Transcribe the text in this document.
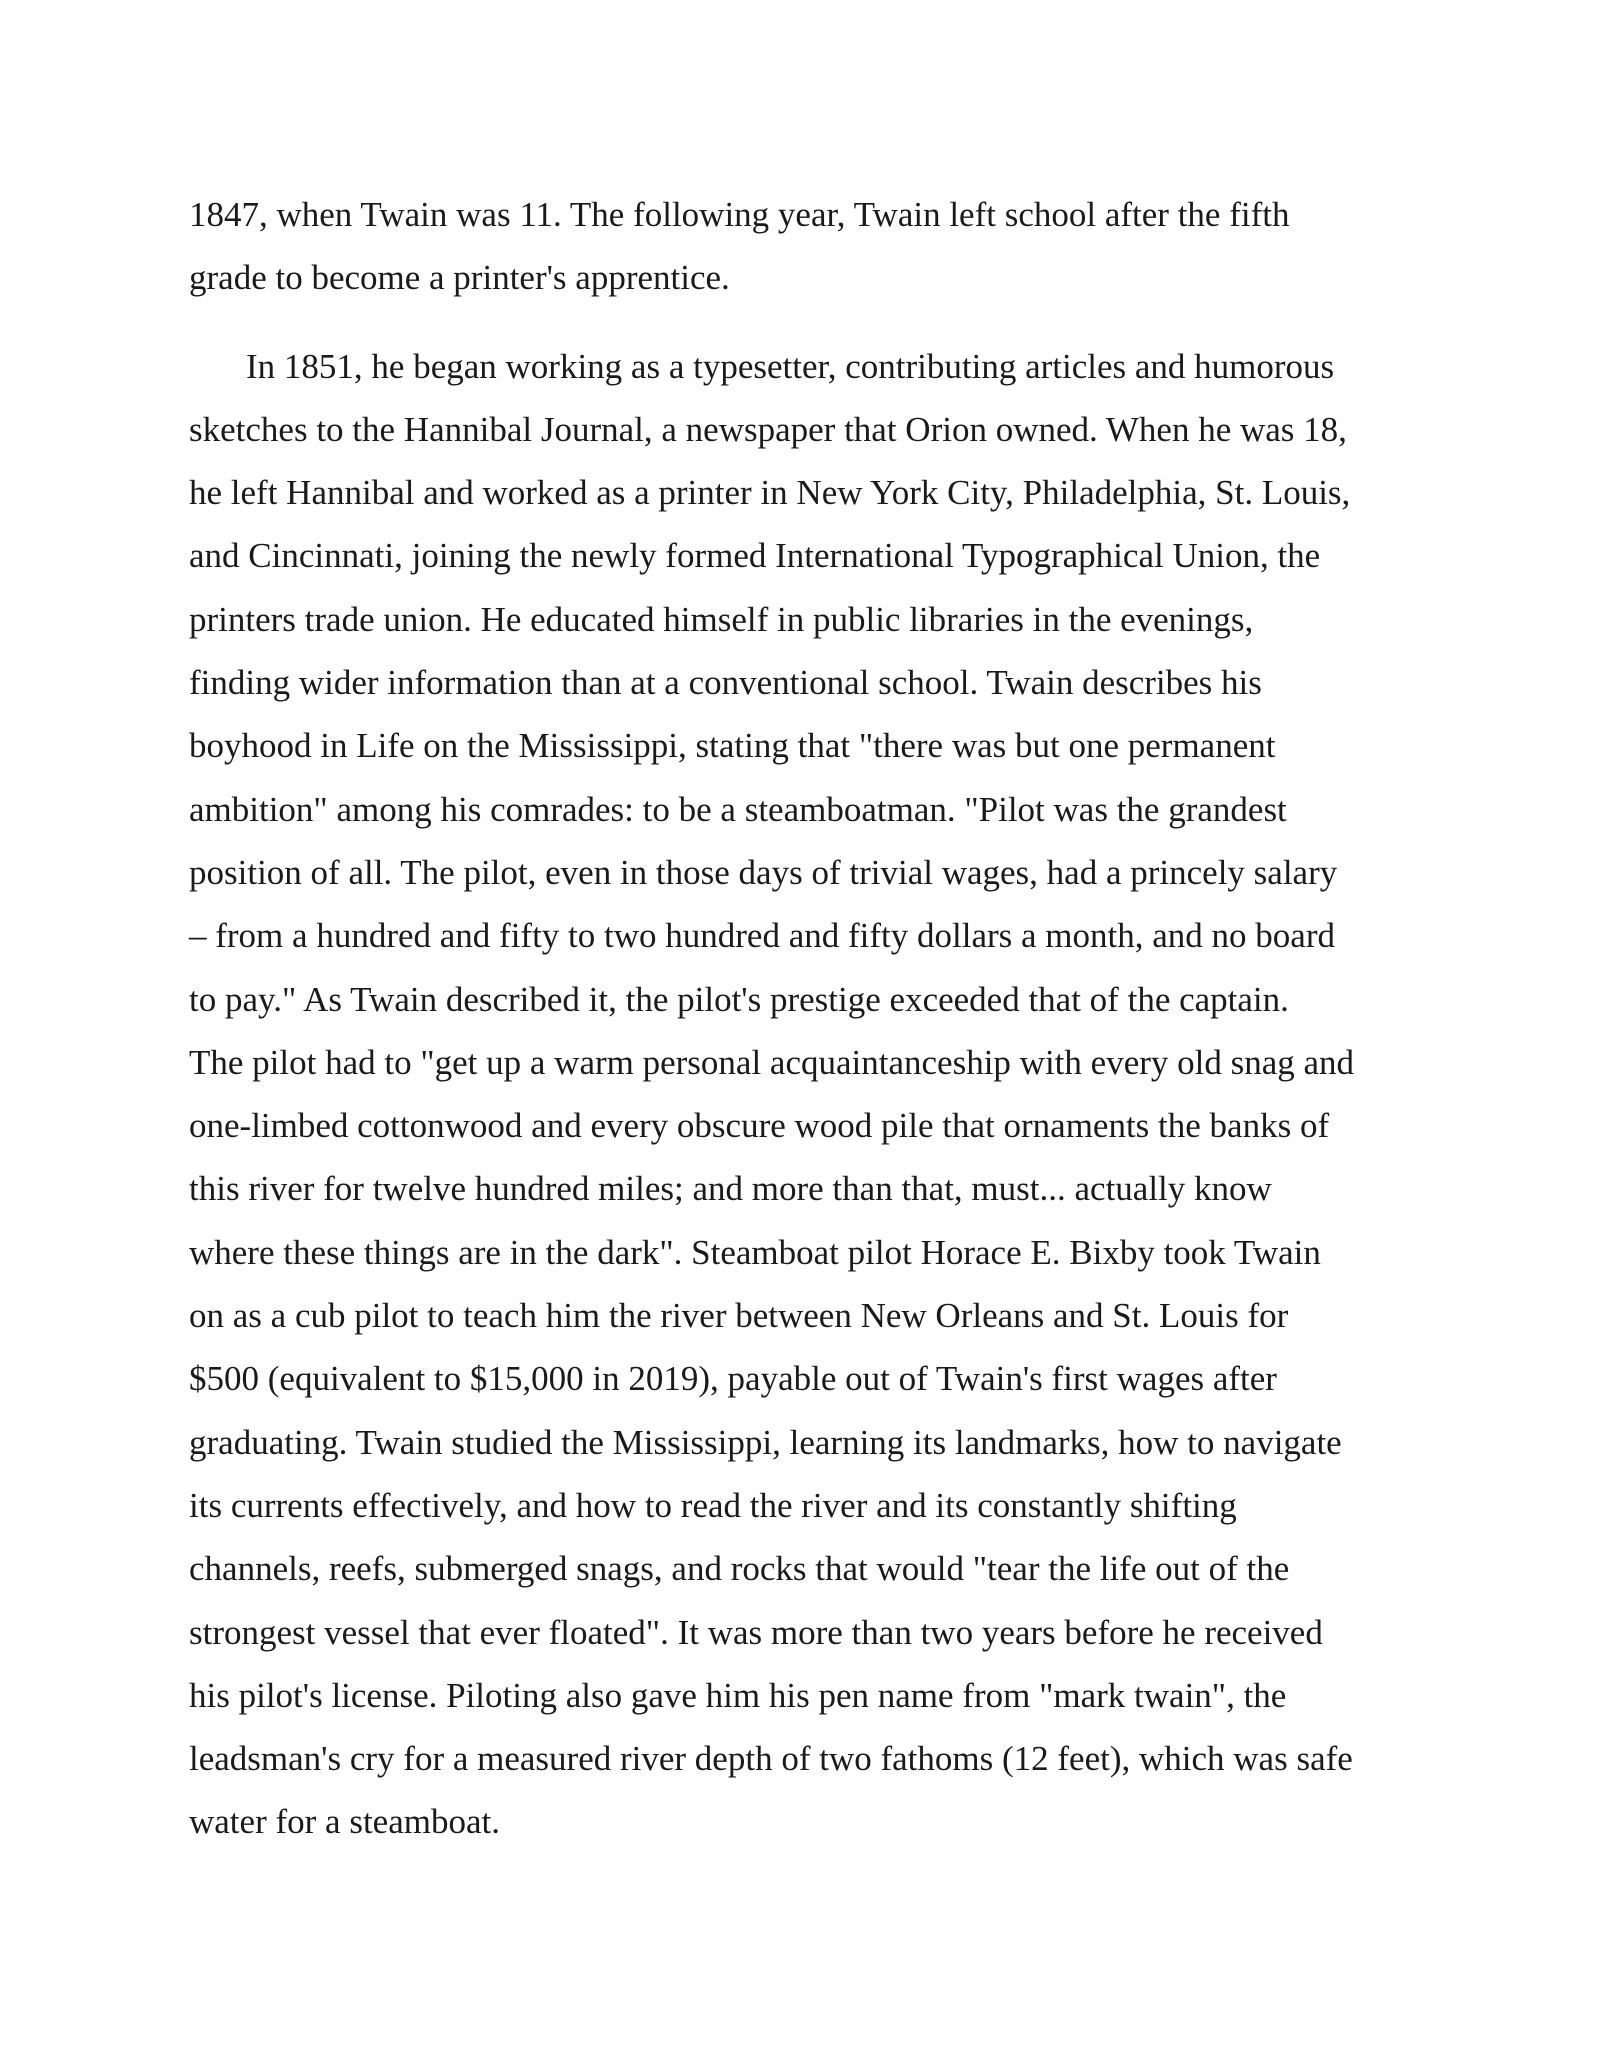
1847, when Twain was 11. The following year, Twain left school after the fifth
grade to become a printer's apprentice.
In 1851, he began working as a typesetter, contributing articles and humorous
sketches to the Hannibal Journal, a newspaper that Orion owned. When he was 18,
he left Hannibal and worked as a printer in New York City, Philadelphia, St. Louis,
and Cincinnati, joining the newly formed International Typographical Union, the
printers trade union. He educated himself in public libraries in the evenings,
finding wider information than at a conventional school. Twain describes his
boyhood in Life on the Mississippi, stating that "there was but one permanent
ambition" among his comrades: to be a steamboatman. "Pilot was the grandest
position of all. The pilot, even in those days of trivial wages, had a princely salary
– from a hundred and fifty to two hundred and fifty dollars a month, and no board
to pay." As Twain described it, the pilot's prestige exceeded that of the captain.
The pilot had to "get up a warm personal acquaintanceship with every old snag and
one-limbed cottonwood and every obscure wood pile that ornaments the banks of
this river for twelve hundred miles; and more than that, must... actually know
where these things are in the dark". Steamboat pilot Horace E. Bixby took Twain
on as a cub pilot to teach him the river between New Orleans and St. Louis for
$500 (equivalent to $15,000 in 2019), payable out of Twain's first wages after
graduating. Twain studied the Mississippi, learning its landmarks, how to navigate
its currents effectively, and how to read the river and its constantly shifting
channels, reefs, submerged snags, and rocks that would "tear the life out of the
strongest vessel that ever floated". It was more than two years before he received
his pilot's license. Piloting also gave him his pen name from "mark twain", the
leadsman's cry for a measured river depth of two fathoms (12 feet), which was safe
water for a steamboat.
